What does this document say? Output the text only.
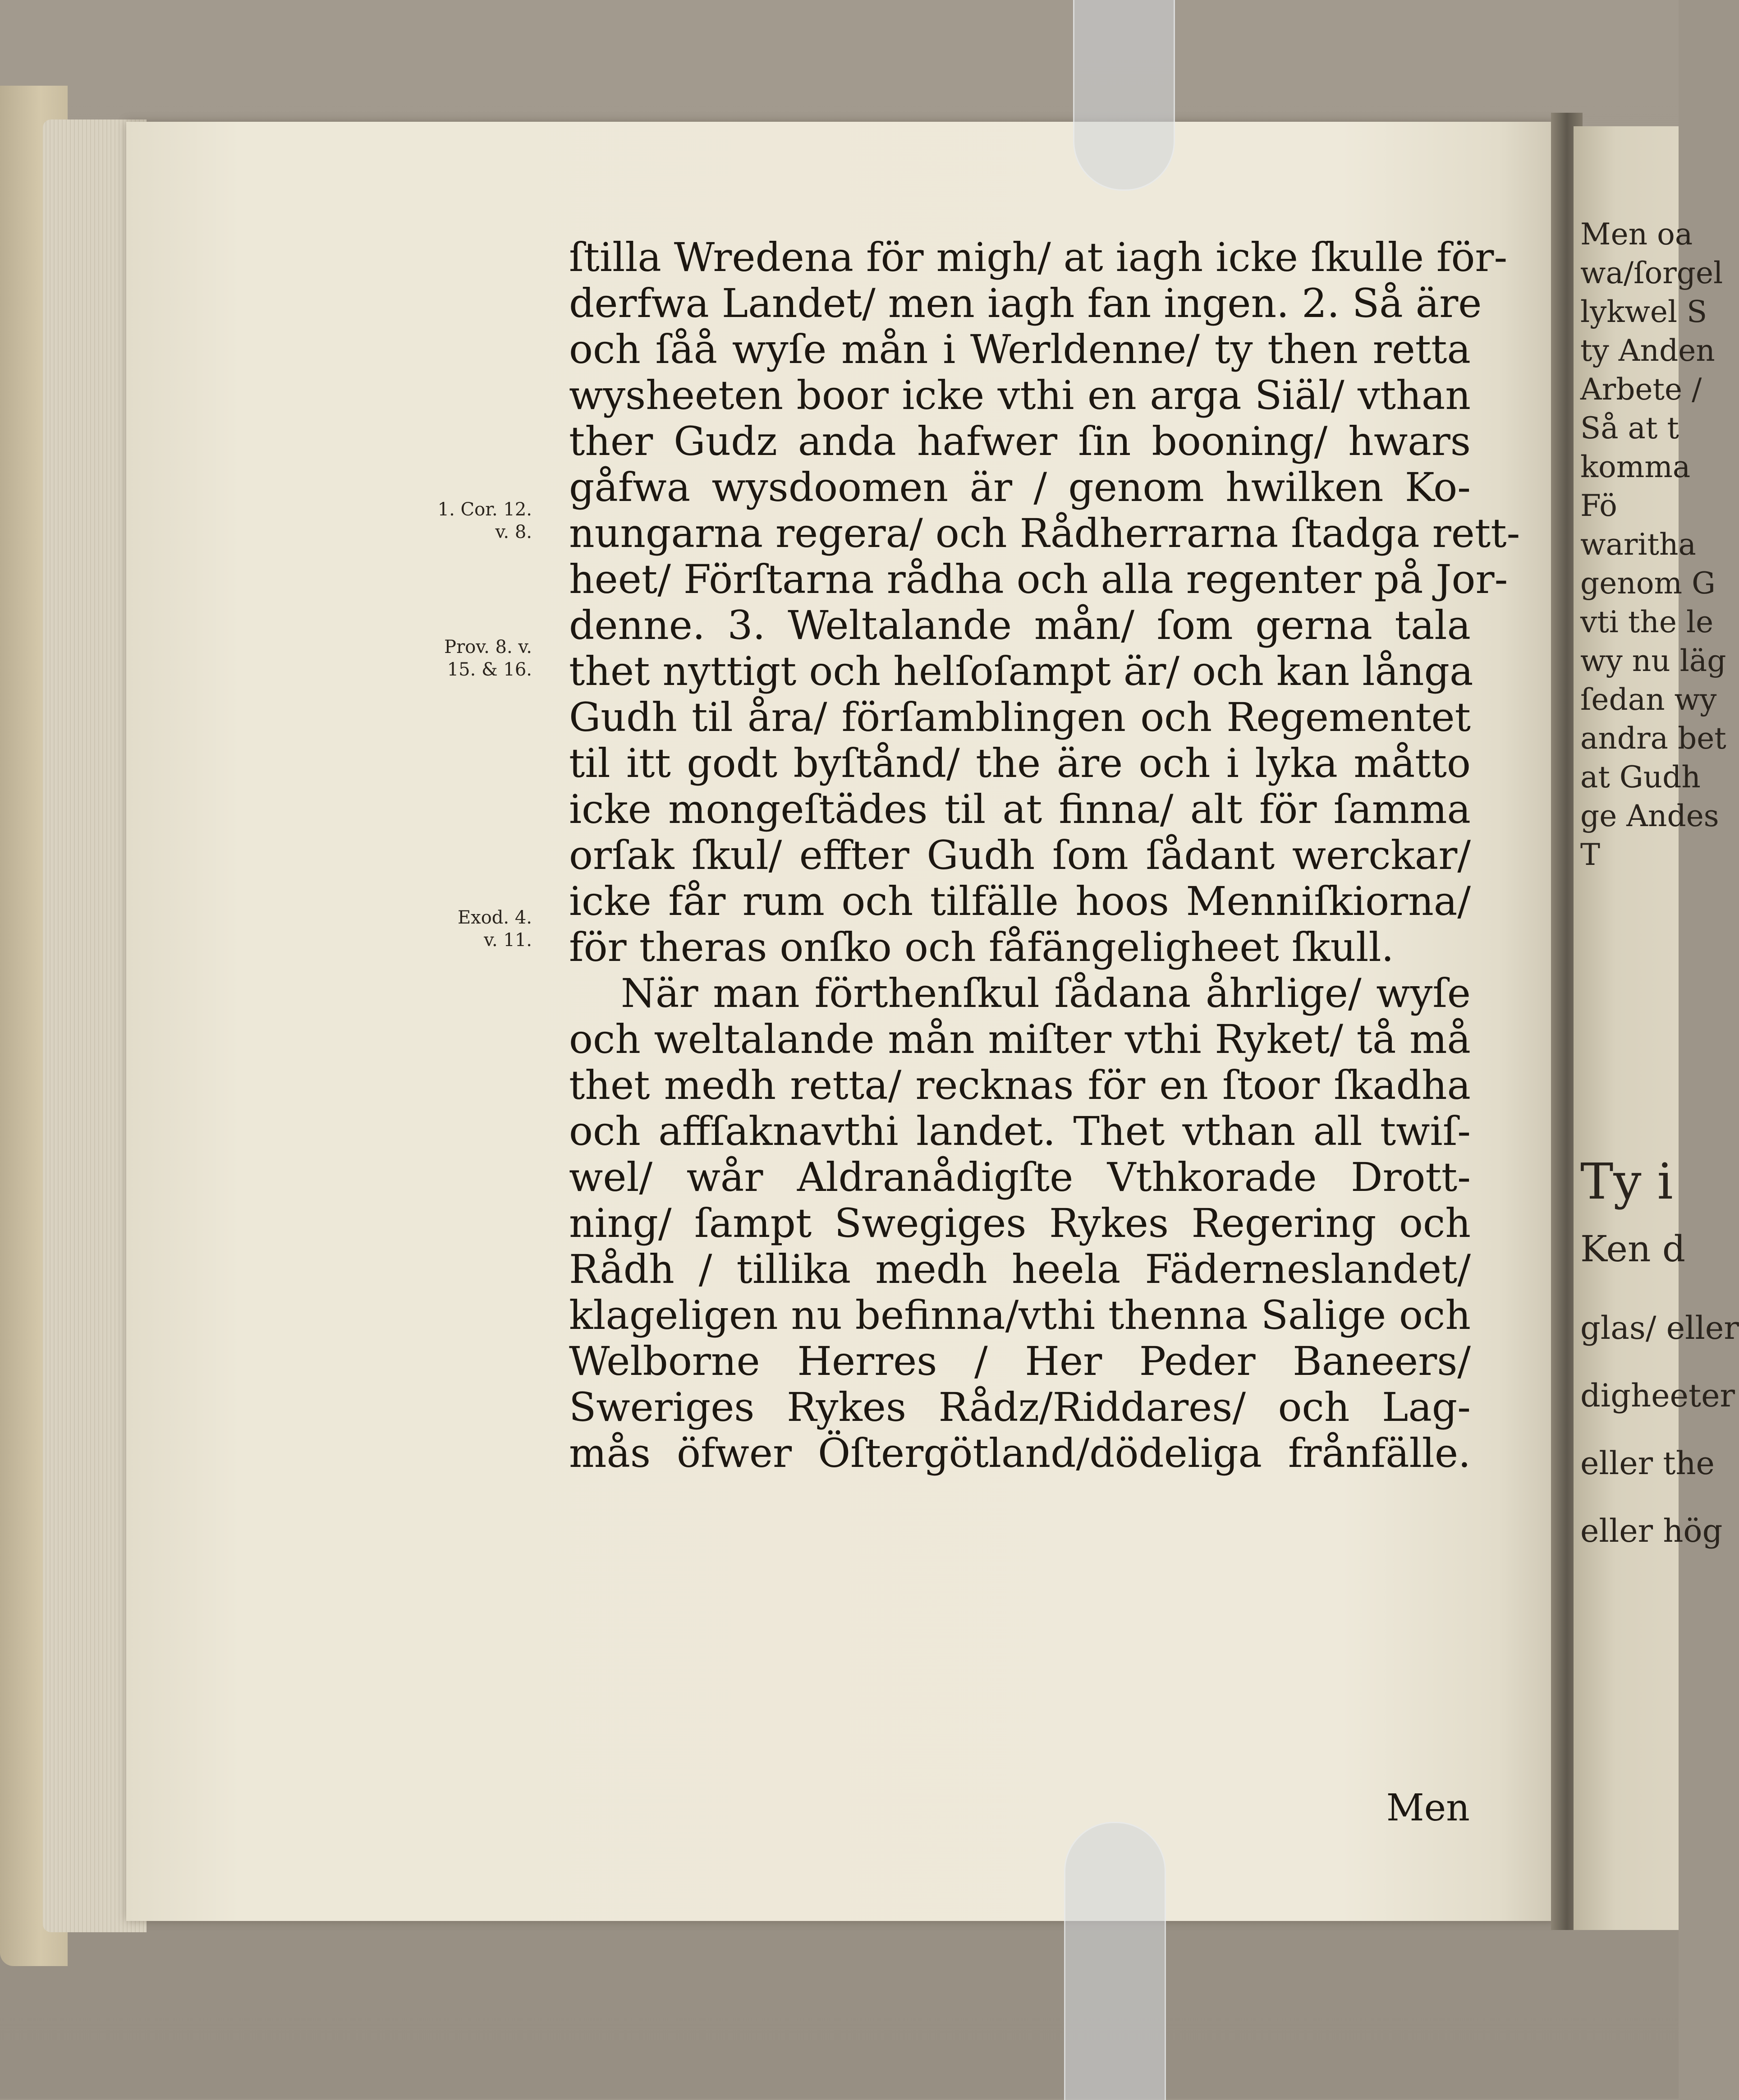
ſtilla Wredena för migh/ at iagh icke ſkulle för-
derfwa Landet/ men iagh fan ingen. 2. Så äre
och ſåå wyſe mån i Werldenne/ ty then retta
wysheeten boor icke vthi en arga Siäl/ vthan
ther Gudz anda hafwer ſin booning/ hwars
gåfwa wysdoomen är / genom hwilken Ko-
nungarna regera/ och Rådherrarna ſtadga rett-
heet/ Förſtarna rådha och alla regenter på Jor-
denne. 3. Weltalande mån/ ſom gerna tala
thet nyttigt och helſoſampt är/ och kan långa
Gudh til åra/ förſamblingen och Regementet
til itt godt byſtånd/ the äre och i lyka måtto
icke mongeſtädes til at finna/ alt för ſamma
orſak ſkul/ effter Gudh ſom ſådant werckar/
icke får rum och tilfälle hoos Menniſkiorna/
för theras onſko och fåfängeligheet ſkull.
När man förthenſkul ſådana åhrlige/ wyſe
och weltalande mån miſter vthi Ryket/ tå må
thet medh retta/ recknas för en ſtoor ſkadha
och affſaknavthi landet. Thet vthan all twiſ-
wel/ wår Aldranådigſte Vthkorade Drott-
ning/ ſampt Swegiges Rykes Regering och
Rådh / tillika medh heela Fäderneslandet/
klageligen nu befinna/vthi thenna Salige och
Welborne Herres / Her Peder Baneers/
Sweriges Rykes Rådz/Riddares/ och Lag-
mås öfwer Öſtergötland/dödeliga frånfälle.
Men
1. Cor. 12.
v. 8.
Prov. 8. v.
15. & 16.
Exod. 4.
v. 11.
Men oa
wa/ſorgel
lykwel S
ty Anden
Arbete /
Så at t
komma
Fö
waritha
genom G
vti the le
wy nu läg
ſedan wy
andra bet
at Gudh
ge Andes
T
Ty i
Ken d
glas/ eller
digheeter
eller the
eller hög
